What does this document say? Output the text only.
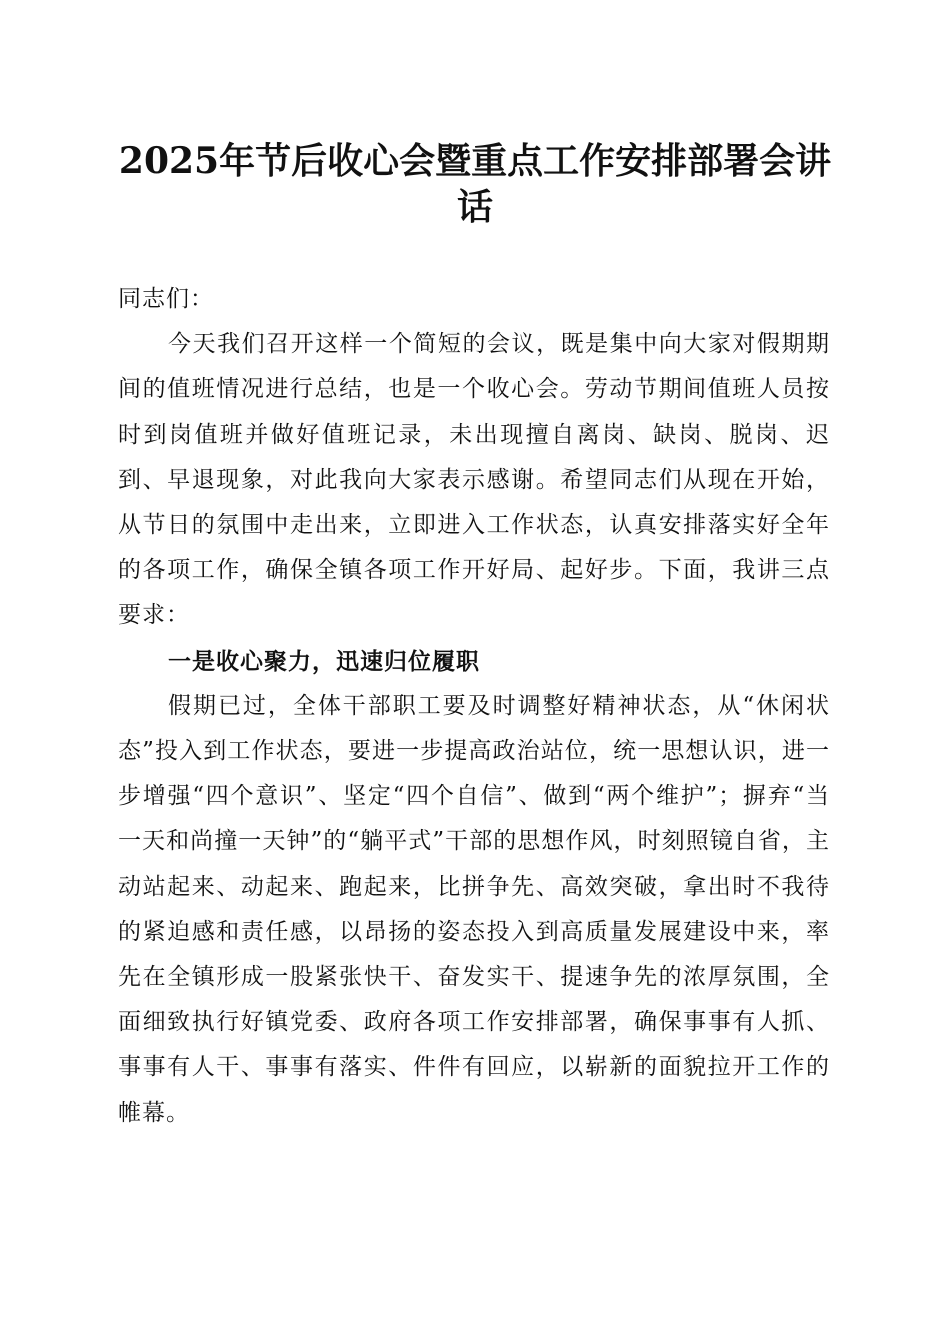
2025年节后收心会暨重点工作安排部署会讲
话

同志们：

今天我们召开这样一个简短的会议，既是集中向大家对假期期间的值班情况进行总结，也是一个收心会。劳动节期间值班人员按时到岗值班并做好值班记录，未出现擅自离岗、缺岗、脱岗、迟到、早退现象，对此我向大家表示感谢。希望同志们从现在开始，从节日的氛围中走出来，立即进入工作状态，认真安排落实好全年的各项工作，确保全镇各项工作开好局、起好步。下面，我讲三点要求：

一是收心聚力，迅速归位履职

假期已过，全体干部职工要及时调整好精神状态，从“休闲状态”投入到工作状态，要进一步提高政治站位，统一思想认识，进一步增强“四个意识”、坚定“四个自信”、做到“两个维护”；摒弃“当一天和尚撞一天钟”的“躺平式”干部的思想作风，时刻照镜自省，主动站起来、动起来、跑起来，比拼争先、高效突破，拿出时不我待的紧迫感和责任感，以昂扬的姿态投入到高质量发展建设中来，率先在全镇形成一股紧张快干、奋发实干、提速争先的浓厚氛围，全面细致执行好镇党委、政府各项工作安排部署，确保事事有人抓、事事有人干、事事有落实、件件有回应，以崭新的面貌拉开工作的帷幕。
